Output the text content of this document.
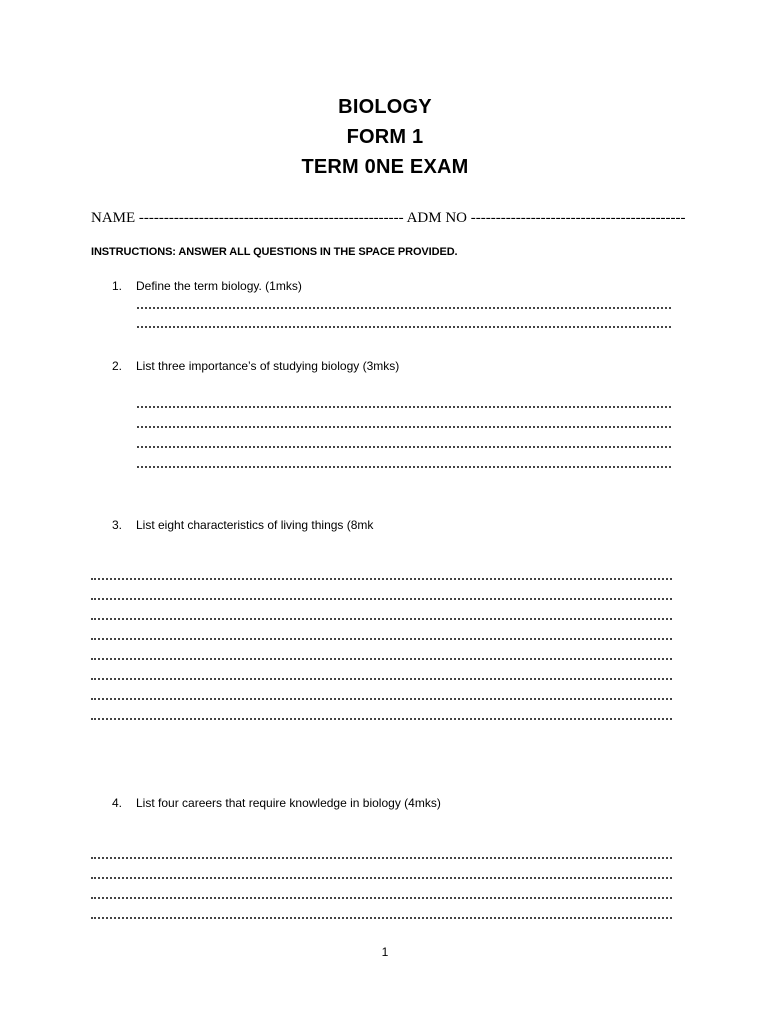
BIOLOGY
FORM 1
TERM 0NE EXAM
NAME ----------------------------------------------------- ADM NO -------------------------------------------
INSTRUCTIONS: ANSWER ALL QUESTIONS IN THE SPACE PROVIDED.
1. Define the term biology. (1mks)
2. List three importance’s of studying biology (3mks)
3. List eight characteristics of living things (8mk
4. List four careers that require knowledge in biology (4mks)
1
